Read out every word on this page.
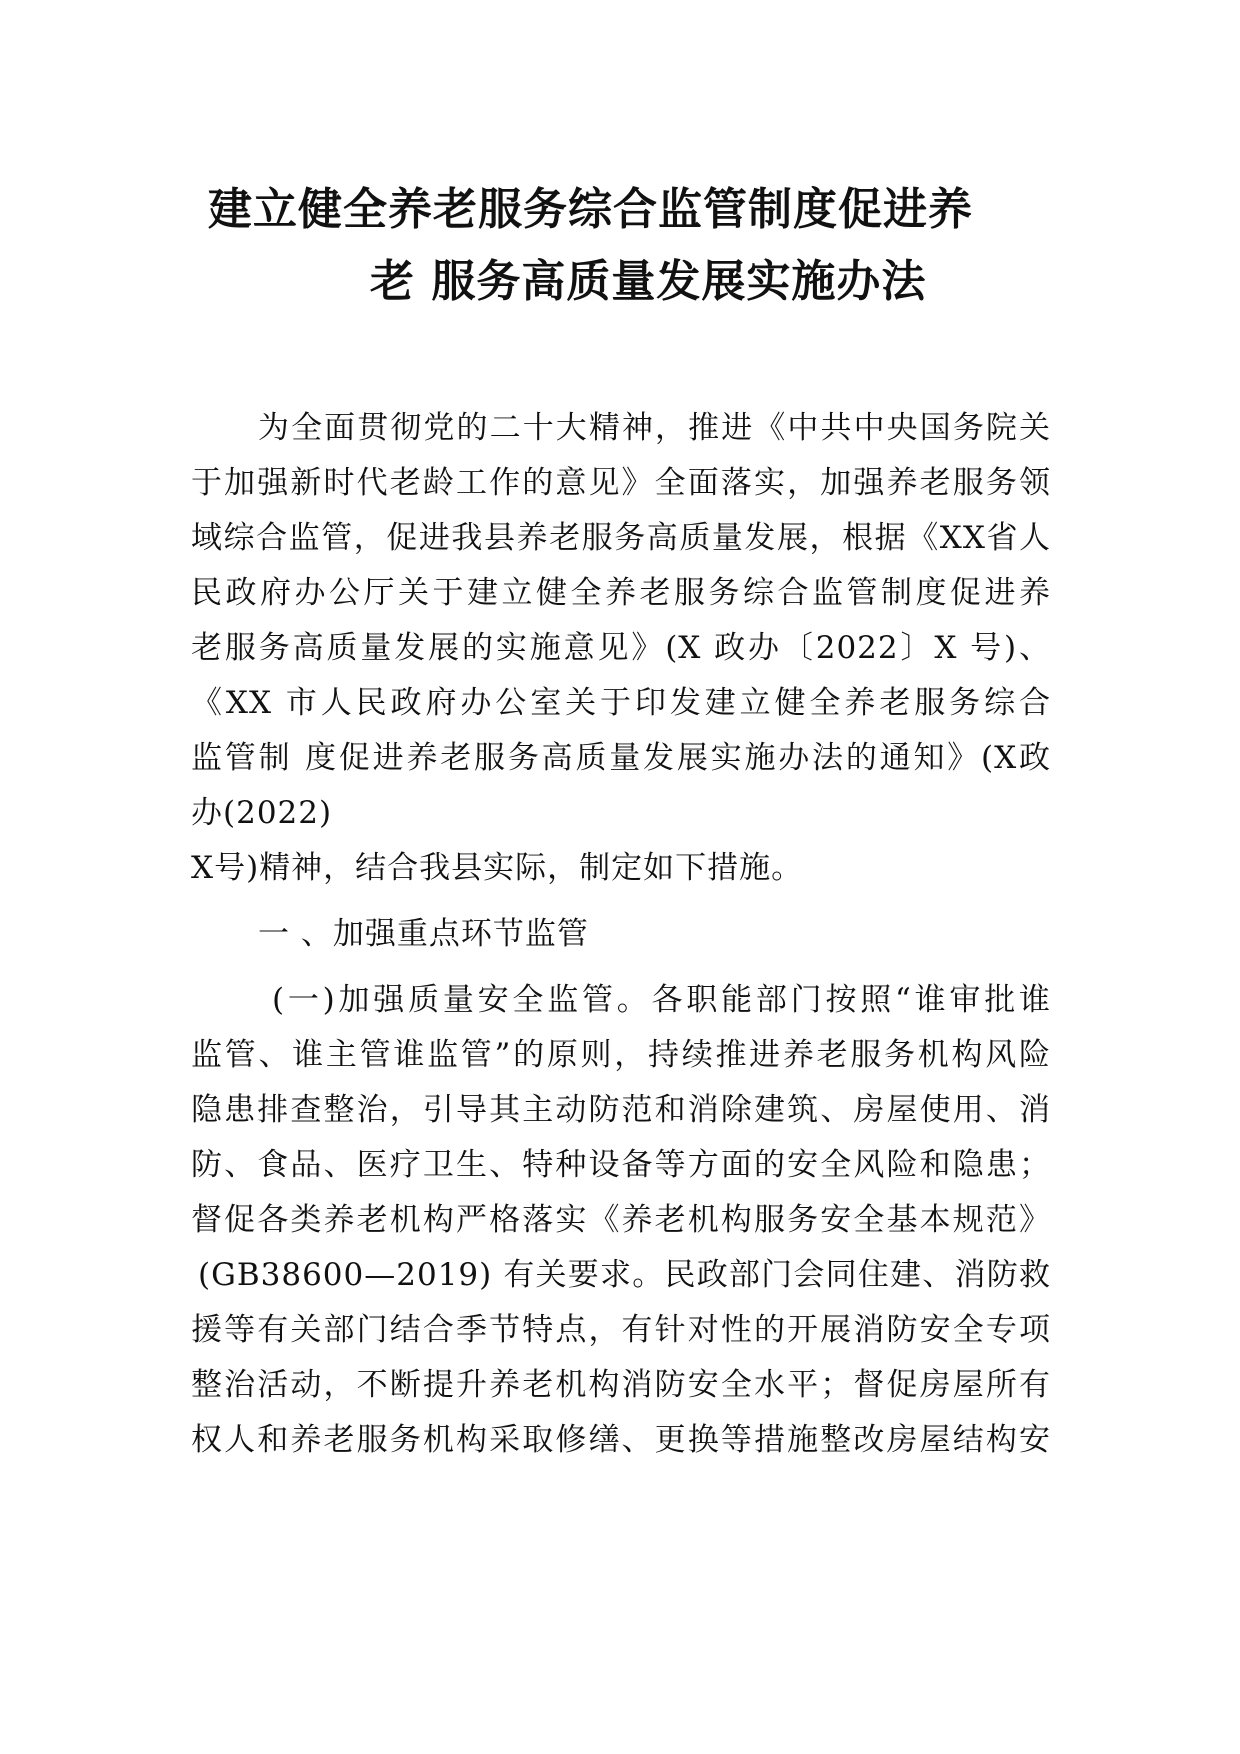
建立健全养老服务综合监管制度促进养
老 服务高质量发展实施办法
为全面贯彻党的二十大精神，推进《中共中央国务院关
于加强新时代老龄工作的意见》全面落实，加强养老服务领
域综合监管，促进我县养老服务高质量发展，根据《XX省人
民政府办公厅关于建立健全养老服务综合监管制度促进养
老服务高质量发展的实施意见》(X 政办〔2022〕X 号)、
《XX 市人民政府办公室关于印发建立健全养老服务综合
监管制 度促进养老服务高质量发展实施办法的通知》(X政
办(2022)
X号)精神，结合我县实际，制定如下措施。
一 、加强重点环节监管
(一)加强质量安全监管。各职能部门按照“谁审批谁
监管、谁主管谁监管”的原则，持续推进养老服务机构风险
隐患排查整治，引导其主动防范和消除建筑、房屋使用、消
防、食品、医疗卫生、特种设备等方面的安全风险和隐患；
督促各类养老机构严格落实《养老机构服务安全基本规范》
(GB38600—2019) 有关要求。民政部门会同住建、消防救
援等有关部门结合季节特点，有针对性的开展消防安全专项
整治活动，不断提升养老机构消防安全水平；督促房屋所有
权人和养老服务机构采取修缮、更换等措施整改房屋结构安
